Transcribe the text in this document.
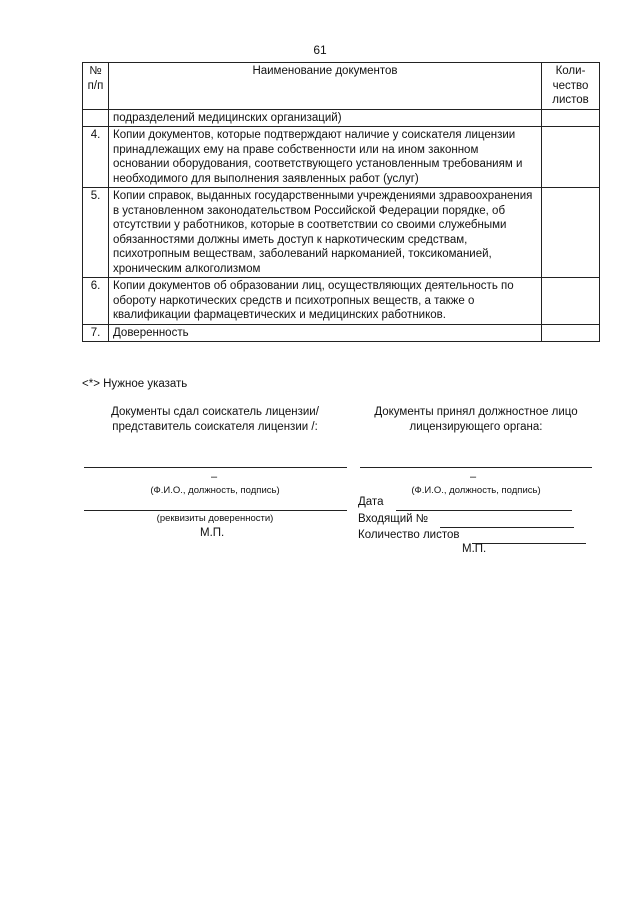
61
№ п/п	Наименование документов	Коли-чество листов
	подразделений медицинских организаций)	
4.	Копии документов, которые подтверждают наличие у соискателя лицензии принадлежащих ему на праве собственности или на ином законном основании оборудования, соответствующего установленным требованиям и необходимого для выполнения заявленных работ (услуг)	
5.	Копии справок, выданных государственными учреждениями здравоохранения в установленном законодательством Российской Федерации порядке, об отсутствии у работников, которые в соответствии со своими служебными обязанностями должны иметь доступ к наркотическим средствам, психотропным веществам, заболеваний наркоманией, токсикоманией, хроническим алкоголизмом	
6.	Копии документов об образовании лиц, осуществляющих деятельность по обороту наркотических средств и психотропных веществ, а также о квалификации фармацевтических и медицинских работников.	
7.	Доверенность	
<*> Нужное указать
Документы сдал соискатель лицензии/представитель соискателя лицензии /:
–
(Ф.И.О., должность, подпись)
(реквизиты доверенности)
М.П.
Документы принял должностное лицо лицензирующего органа:
–
(Ф.И.О., должность, подпись)
Дата
Входящий №
Количество листов
М.П.
